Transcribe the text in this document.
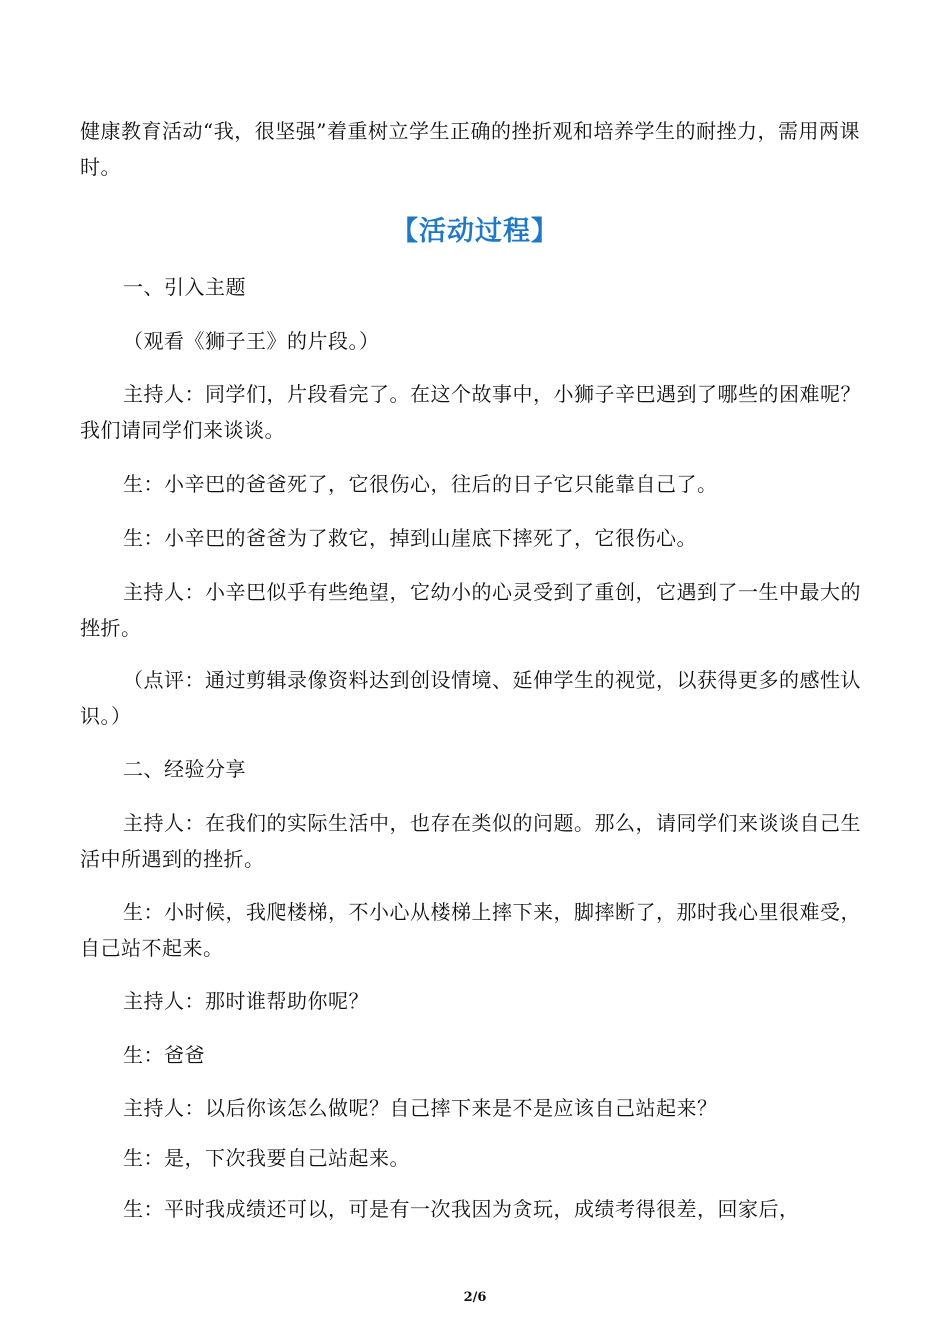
健康教育活动“我，很坚强”着重树立学生正确的挫折观和培养学生的耐挫力，需用两课时。

【活动过程】

一、引入主题

（观看《狮子王》的片段。）

主持人：同学们，片段看完了。在这个故事中，小狮子辛巴遇到了哪些的困难呢？我们请同学们来谈谈。

生：小辛巴的爸爸死了，它很伤心，往后的日子它只能靠自己了。

生：小辛巴的爸爸为了救它，掉到山崖底下摔死了，它很伤心。

主持人：小辛巴似乎有些绝望，它幼小的心灵受到了重创，它遇到了一生中最大的挫折。

（点评：通过剪辑录像资料达到创设情境、延伸学生的视觉，以获得更多的感性认识。）

二、经验分享

主持人：在我们的实际生活中，也存在类似的问题。那么，请同学们来谈谈自己生活中所遇到的挫折。

生：小时候，我爬楼梯，不小心从楼梯上摔下来，脚摔断了，那时我心里很难受，自己站不起来。

主持人：那时谁帮助你呢？

生：爸爸

主持人：以后你该怎么做呢？自己摔下来是不是应该自己站起来？

生：是，下次我要自己站起来。

生：平时我成绩还可以，可是有一次我因为贪玩，成绩考得很差，回家后，

2/6
